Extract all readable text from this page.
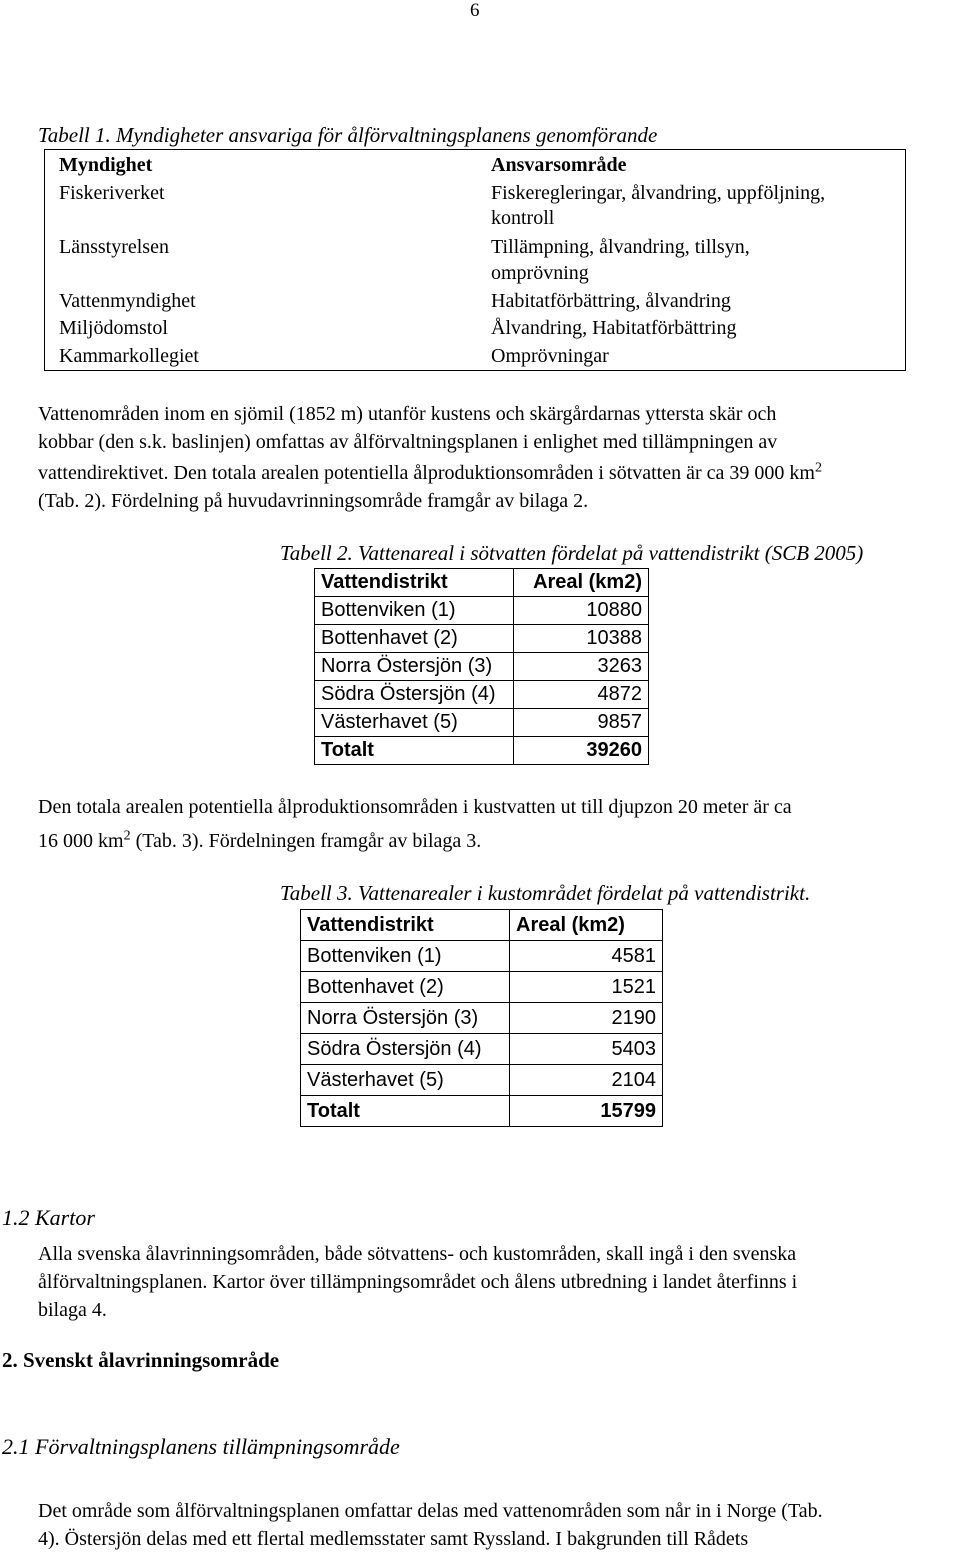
6
Tabell 1. Myndigheter ansvariga för ålförvaltningsplanens genomförande
Myndighet	Ansvarsområde
Fiskeriverket	Fiskeregleringar, ålvandring, uppföljning,
kontroll
Länsstyrelsen	Tillämpning, ålvandring, tillsyn,
omprövning
Vattenmyndighet	Habitatförbättring, ålvandring
Miljödomstol	Ålvandring, Habitatförbättring
Kammarkollegiet	Omprövningar
Vattenområden inom en sjömil (1852 m) utanför kustens och skärgårdarnas yttersta skär och
kobbar (den s.k. baslinjen) omfattas av ålförvaltningsplanen i enlighet med tillämpningen av
vattendirektivet. Den totala arealen potentiella ålproduktionsområden i sötvatten är ca 39 000 $km^2$
(Tab. 2). Fördelning på huvudavrinningsområde framgår av bilaga 2.
Tabell 2. Vattenareal i sötvatten fördelat på vattendistrikt (SCB 2005)
Vattendistrikt	Areal (km2)
Bottenviken (1)	10880
Bottenhavet (2)	10388
Norra Östersjön (3)	3263
Södra Östersjön (4)	4872
Västerhavet (5)	9857
Totalt	39260
Den totala arealen potentiella ålproduktionsområden i kustvatten ut till djupzon 20 meter är ca
16 000 $km^2$ (Tab. 3). Fördelningen framgår av bilaga 3.
Tabell 3. Vattenarealer i kustområdet fördelat på vattendistrikt.
Vattendistrikt	Areal (km2)
Bottenviken (1)	4581
Bottenhavet (2)	1521
Norra Östersjön (3)	2190
Södra Östersjön (4)	5403
Västerhavet (5)	2104
Totalt	15799
1.2 Kartor
Alla svenska ålavrinningsområden, både sötvattens- och kustområden, skall ingå i den svenska
ålförvaltningsplanen. Kartor över tillämpningsområdet och ålens utbredning i landet återfinns i
bilaga 4.
2. Svenskt ålavrinningsområde
2.1 Förvaltningsplanens tillämpningsområde
Det område som ålförvaltningsplanen omfattar delas med vattenområden som når in i Norge (Tab.
4). Östersjön delas med ett flertal medlemsstater samt Ryssland. I bakgrunden till Rådets
